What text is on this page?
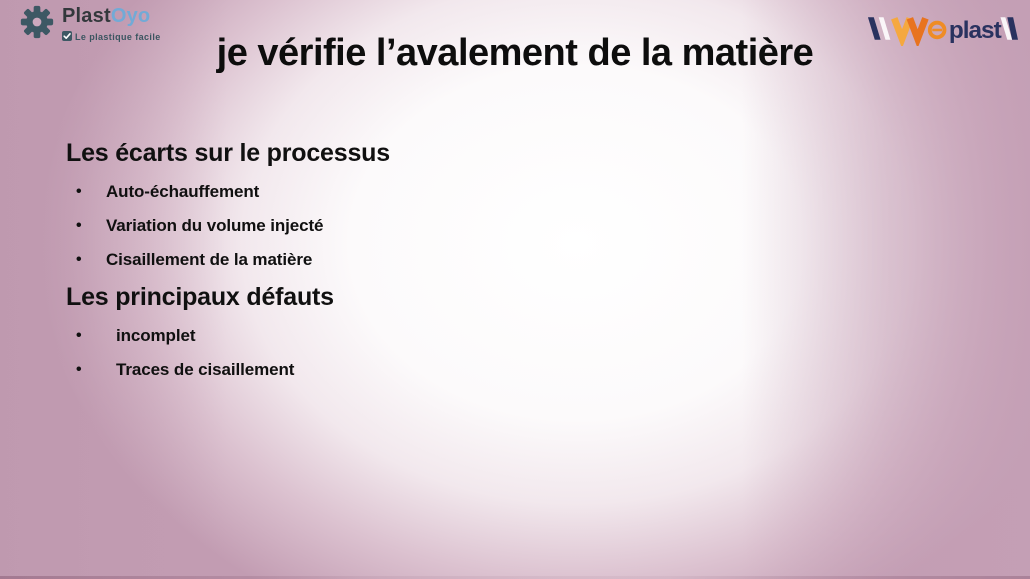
PlastOyo
Le plastique facile	plast
je vérifie l’avalement de la matière
Les écarts sur le processus
•	Auto-échauffement
•	Variation du volume injecté
•	Cisaillement de la matière
Les principaux défauts
•	incomplet
•	Traces de cisaillement
